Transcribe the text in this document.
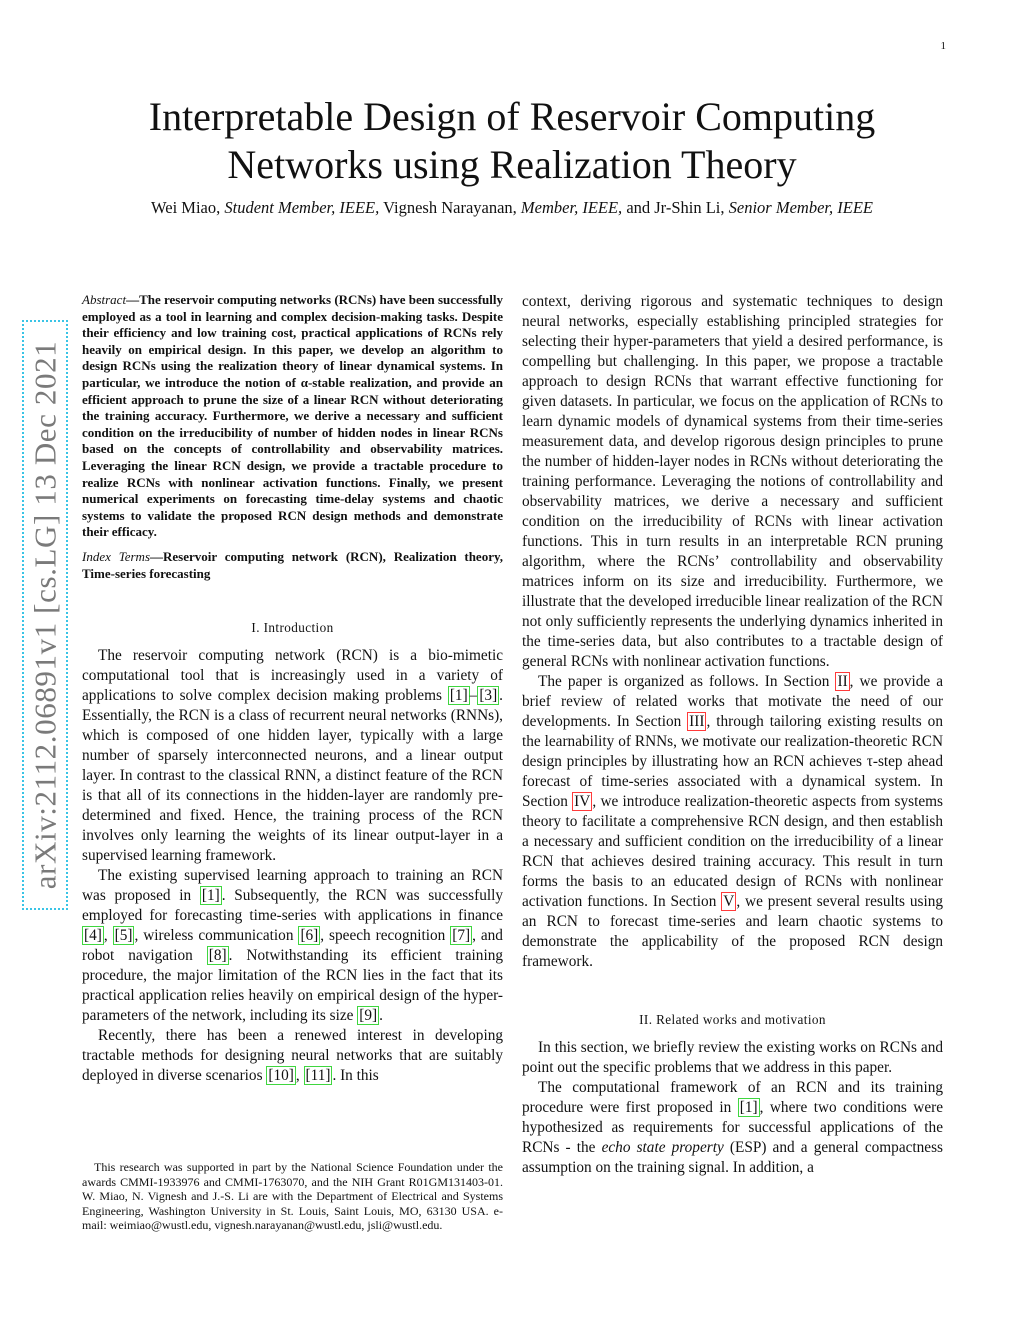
1
arXiv:2112.06891v1 [cs.LG] 13 Dec 2021
Interpretable Design of Reservoir Computing
Networks using Realization Theory
Wei Miao, Student Member, IEEE, Vignesh Narayanan, Member, IEEE, and Jr-Shin Li, Senior Member, IEEE

Abstract—The reservoir computing networks (RCNs) have been successfully employed as a tool in learning and complex decision-making tasks. Despite their efficiency and low training cost, practical applications of RCNs rely heavily on empirical design. In this paper, we develop an algorithm to design RCNs using the realization theory of linear dynamical systems. In particular, we introduce the notion of α-stable realization, and provide an efficient approach to prune the size of a linear RCN without deteriorating the training accuracy. Furthermore, we derive a necessary and sufficient condition on the irreducibility of number of hidden nodes in linear RCNs based on the concepts of controllability and observability matrices. Leveraging the linear RCN design, we provide a tractable procedure to realize RCNs with nonlinear activation functions. Finally, we present numerical experiments on forecasting time-delay systems and chaotic systems to validate the proposed RCN design methods and demonstrate their efficacy.

Index Terms—Reservoir computing network (RCN), Realization theory, Time-series forecasting

I. Introduction

The reservoir computing network (RCN) is a bio-mimetic computational tool that is increasingly used in a variety of applications to solve complex decision making problems [1] – [3] . Essentially, the RCN is a class of recurrent neural networks (RNNs), which is composed of one hidden layer, typically with a large number of sparsely interconnected neurons, and a linear output layer. In contrast to the classical RNN, a distinct feature of the RCN is that all of its connections in the hidden-layer are randomly pre-determined and fixed. Hence, the training process of the RCN involves only learning the weights of its linear output-layer in a supervised learning framework.

The existing supervised learning approach to training an RCN was proposed in [1] . Subsequently, the RCN was successfully employed for forecasting time-series with applications in finance [4] , [5] , wireless communication [6] , speech recognition [7] , and robot navigation [8] . Notwithstanding its efficient training procedure, the major limitation of the RCN lies in the fact that its practical application relies heavily on empirical design of the hyper-parameters of the network, including its size [9] .

Recently, there has been a renewed interest in developing tractable methods for designing neural networks that are suitably deployed in diverse scenarios [10] , [11] . In this

This research was supported in part by the National Science Foundation under the awards CMMI-1933976 and CMMI-1763070, and the NIH Grant R01GM131403-01. W. Miao, N. Vignesh and J.-S. Li are with the Department of Electrical and Systems Engineering, Washington University in St. Louis, Saint Louis, MO, 63130 USA. e-mail: weimiao@wustl.edu, vignesh.narayanan@wustl.edu, jsli@wustl.edu.

context, deriving rigorous and systematic techniques to design neural networks, especially establishing principled strategies for selecting their hyper-parameters that yield a desired performance, is compelling but challenging. In this paper, we propose a tractable approach to design RCNs that warrant effective functioning for given datasets. In particular, we focus on the application of RCNs to learn dynamic models of dynamical systems from their time-series measurement data, and develop rigorous design principles to prune the number of hidden-layer nodes in RCNs without deteriorating the training performance. Leveraging the notions of controllability and observability matrices, we derive a necessary and sufficient condition on the irreducibility of RCNs with linear activation functions. This in turn results in an interpretable RCN pruning algorithm, where the RCNs’ controllability and observability matrices inform on its size and irreducibility. Furthermore, we illustrate that the developed irreducible linear realization of the RCN not only sufficiently represents the underlying dynamics inherited in the time-series data, but also contributes to a tractable design of general RCNs with nonlinear activation functions.

The paper is organized as follows. In Section II , we provide a brief review of related works that motivate the need of our developments. In Section III , through tailoring existing results on the learnability of RNNs, we motivate our realization-theoretic RCN design principles by illustrating how an RCN achieves τ-step ahead forecast of time-series associated with a dynamical system. In Section IV , we introduce realization-theoretic aspects from systems theory to facilitate a comprehensive RCN design, and then establish a necessary and sufficient condition on the irreducibility of a linear RCN that achieves desired training accuracy. This result in turn forms the basis to an educated design of RCNs with nonlinear activation functions. In Section V , we present several results using an RCN to forecast time-series and learn chaotic systems to demonstrate the applicability of the proposed RCN design framework.

II. Related works and motivation

In this section, we briefly review the existing works on RCNs and point out the specific problems that we address in this paper.

The computational framework of an RCN and its training procedure were first proposed in [1] , where two conditions were hypothesized as requirements for successful applications of the RCNs - the echo state property (ESP) and a general compactness assumption on the training signal. In addition, a
